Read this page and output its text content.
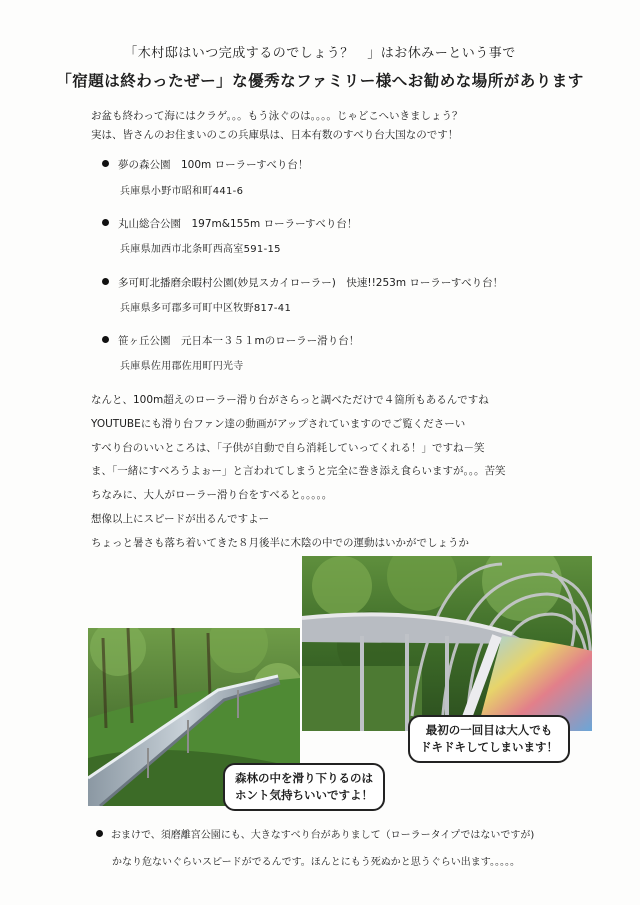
「木村邸はいつ完成するのでしょう？　」はお休みーという事で
「宿題は終わったぜー」な優秀なファミリー様へお勧めな場所があります
お盆も終わって海にはクラゲ。。。もう泳ぐのは。。。。じゃどこへいきましょう？
実は、皆さんのお住まいのこの兵庫県は、日本有数のすべり台大国なのです！
夢の森公園　100m ローラーすべり台！
兵庫県小野市昭和町441-6
丸山総合公園　197m&155m ローラーすべり台！
兵庫県加西市北条町西高室591-15
多可町北播磨余暇村公園(妙見スカイローラー)　快速!!253m ローラーすべり台！
兵庫県多可郡多可町中区牧野817-41
笹ヶ丘公園　元日本一３５１mのローラー滑り台！
兵庫県佐用郡佐用町円光寺
なんと、100m超えのローラー滑り台がさらっと調べただけで４箇所もあるんですね
YOUTUBEにも滑り台ファン達の動画がアップされていますのでご覧くださーい
すべり台のいいところは、「子供が自動で自ら消耗していってくれる！」ですね－笑
ま、「一緒にすべろうよぉー」と言われてしまうと完全に巻き添え食らいますが。。。苦笑
ちなみに、大人がローラー滑り台をすべると。。。。。
想像以上にスピードが出るんですよー
ちょっと暑さも落ち着いてきた８月後半に木陰の中での運動はいかがでしょうか
最初の一回目は大人でも
ドキドキしてしまいます！
森林の中を滑り下りるのは
ホント気持ちいいですよ！
おまけで、須磨離宮公園にも、大きなすべり台がありまして（ローラータイプではないですが)
かなり危ないぐらいスピードがでるんです。ほんとにもう死ぬかと思うぐらい出ます。。。。。
